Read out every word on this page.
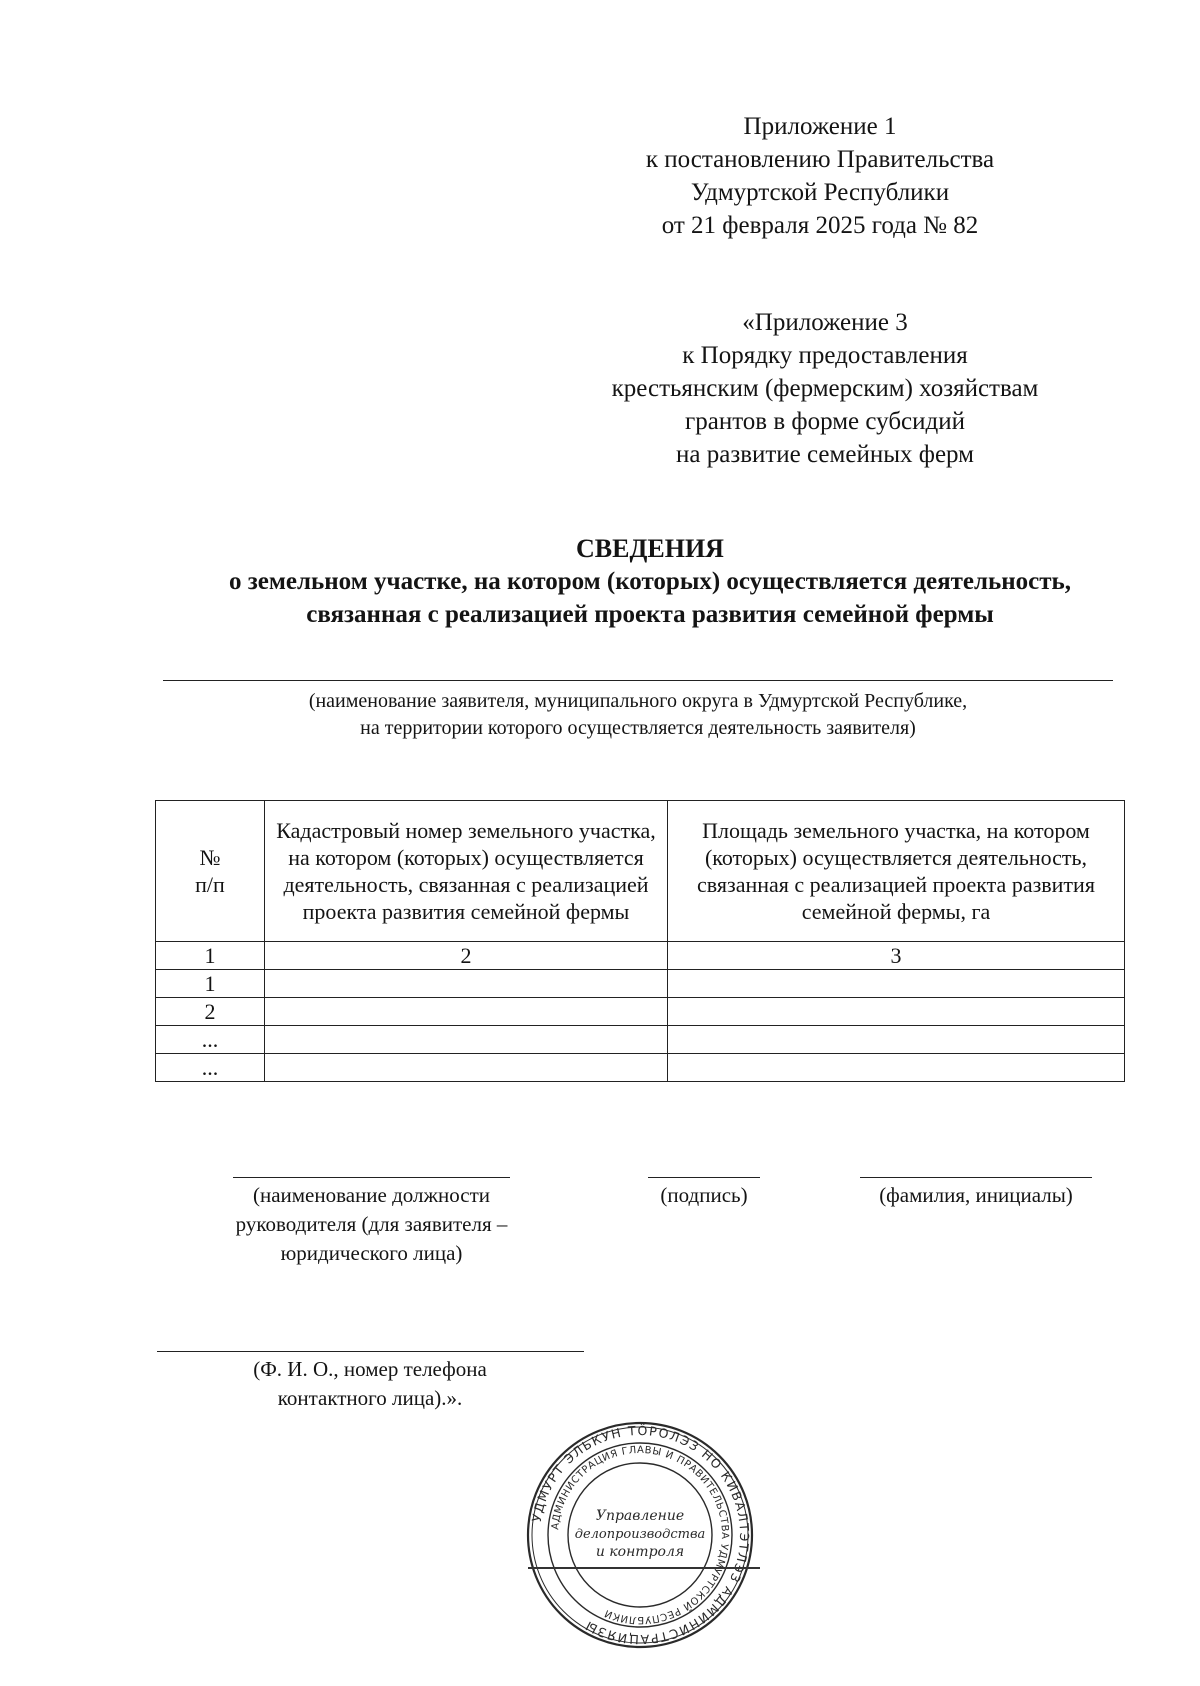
Приложение 1
к постановлению Правительства
Удмуртской Республики
от 21 февраля 2025 года № 82
«Приложение 3
к Порядку предоставления
крестьянским (фермерским) хозяйствам
грантов в форме субсидий
на развитие семейных ферм
СВЕДЕНИЯ
о земельном участке, на котором (которых) осуществляется деятельность,
связанная с реализацией проекта развития семейной фермы
(наименование заявителя, муниципального округа в Удмуртской Республике,
на территории которого осуществляется деятельность заявителя)
№
п/п	Кадастровый номер земельного участка, на котором (которых) осуществляется деятельность, связанная с реализацией проекта развития семейной фермы	Площадь земельного участка, на котором (которых) осуществляется деятельность, связанная с реализацией проекта развития семейной фермы, га
1	2	3
1		
2		
...		
...		
(наименование должности
руководителя (для заявителя –
юридического лица)
(подпись)	(фамилия, инициалы)
(Ф. И. О., номер телефона
контактного лица).».
УДМУРТ ЭЛЬКУН ТÖРОЛЭЗ НО КИВАЛТЭТЛЭЗ АДМИНИСТРАЦИЯЗЫ
АДМИНИСТРАЦИЯ ГЛАВЫ И ПРАВИТЕЛЬСТВА УДМУРТСКОЙ РЕСПУБЛИКИ
Управление
делопроизводства
и контроля
